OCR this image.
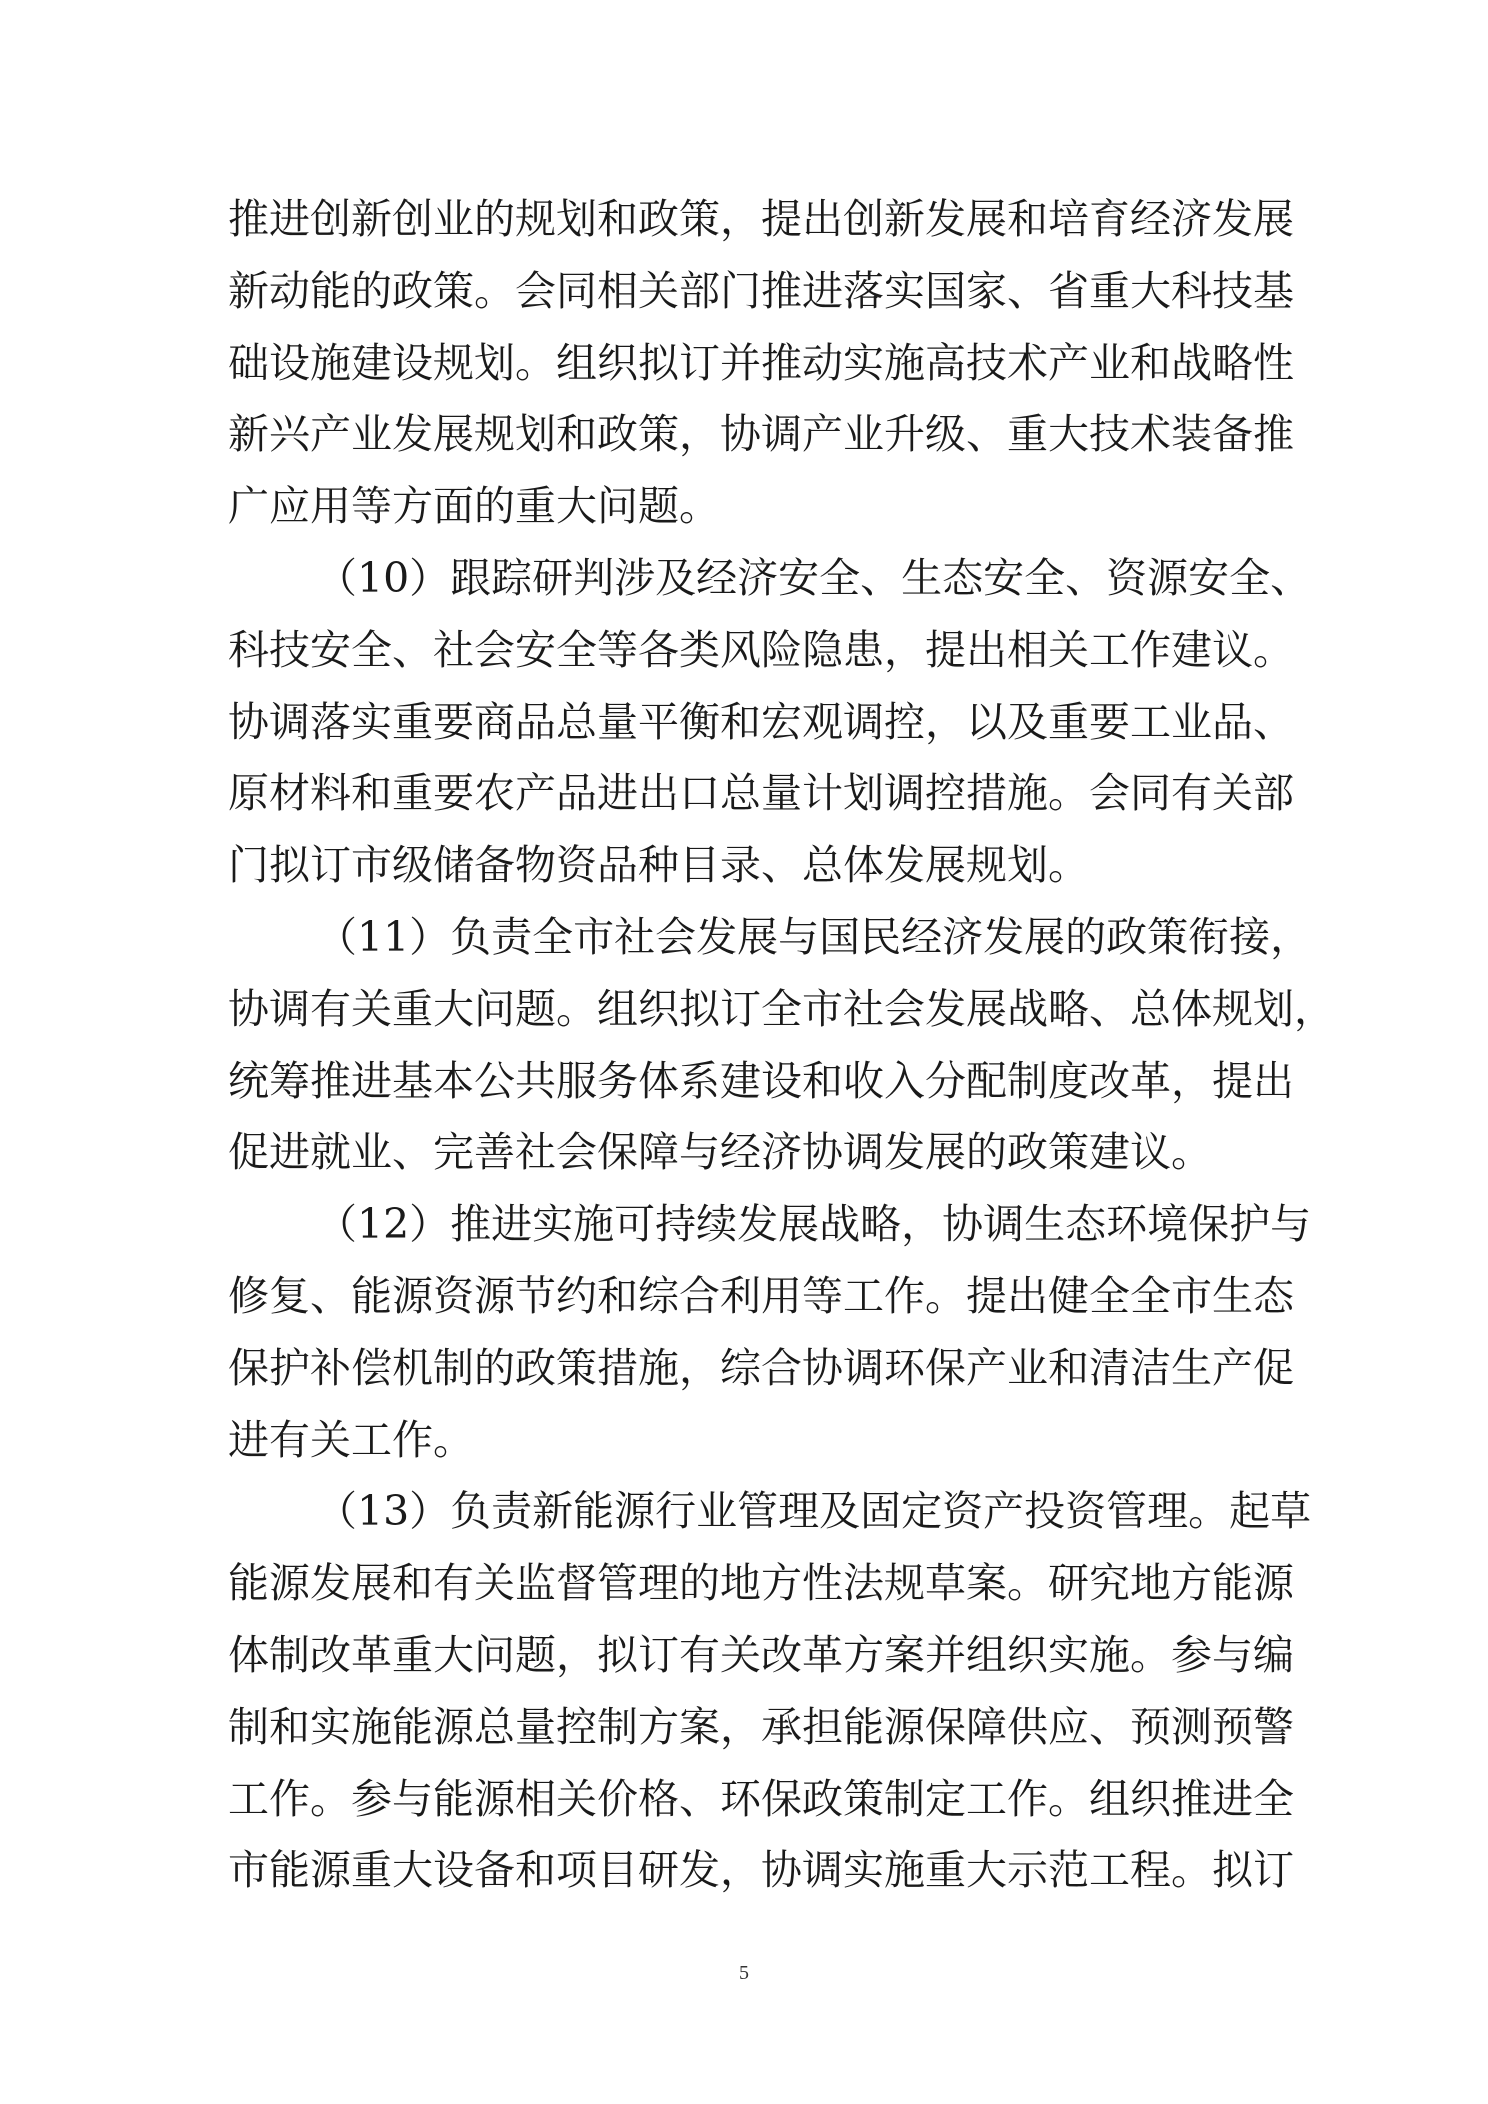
推进创新创业的规划和政策，提出创新发展和培育经济发展
新动能的政策。会同相关部门推进落实国家、省重大科技基
础设施建设规划。组织拟订并推动实施高技术产业和战略性
新兴产业发展规划和政策，协调产业升级、重大技术装备推
广应用等方面的重大问题。
（10）跟踪研判涉及经济安全、生态安全、资源安全、
科技安全、社会安全等各类风险隐患，提出相关工作建议。
协调落实重要商品总量平衡和宏观调控，以及重要工业品、
原材料和重要农产品进出口总量计划调控措施。会同有关部
门拟订市级储备物资品种目录、总体发展规划。
（11）负责全市社会发展与国民经济发展的政策衔接，
协调有关重大问题。组织拟订全市社会发展战略、总体规划，
统筹推进基本公共服务体系建设和收入分配制度改革，提出
促进就业、完善社会保障与经济协调发展的政策建议。
（12）推进实施可持续发展战略，协调生态环境保护与
修复、能源资源节约和综合利用等工作。提出健全全市生态
保护补偿机制的政策措施，综合协调环保产业和清洁生产促
进有关工作。
（13）负责新能源行业管理及固定资产投资管理。起草
能源发展和有关监督管理的地方性法规草案。研究地方能源
体制改革重大问题，拟订有关改革方案并组织实施。参与编
制和实施能源总量控制方案，承担能源保障供应、预测预警
工作。参与能源相关价格、环保政策制定工作。组织推进全
市能源重大设备和项目研发，协调实施重大示范工程。拟订
5
